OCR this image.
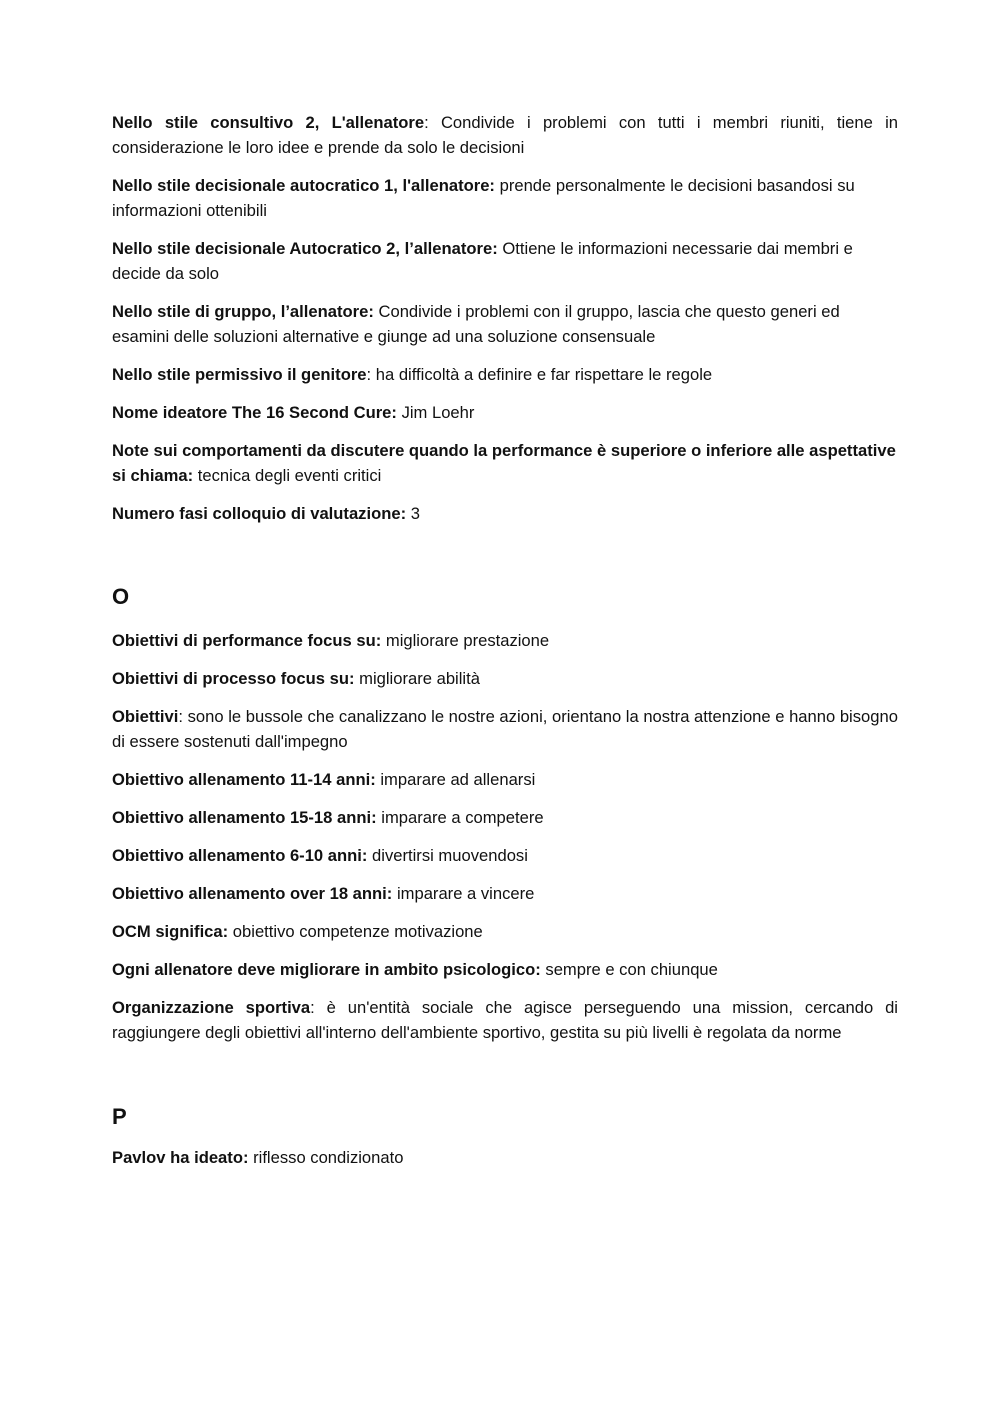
Nello stile consultivo 2, L'allenatore: Condivide i problemi con tutti i membri riuniti, tiene in considerazione le loro idee e prende da solo le decisioni

Nello stile decisionale autocratico 1, l'allenatore: prende personalmente le decisioni basandosi su informazioni ottenibili

Nello stile decisionale Autocratico 2, l’allenatore: Ottiene le informazioni necessarie dai membri e decide da solo

Nello stile di gruppo, l’allenatore: Condivide i problemi con il gruppo, lascia che questo generi ed esamini delle soluzioni alternative e giunge ad una soluzione consensuale

Nello stile permissivo il genitore: ha difficoltà a definire e far rispettare le regole

Nome ideatore The 16 Second Cure: Jim Loehr

Note sui comportamenti da discutere quando la performance è superiore o inferiore alle aspettative si chiama: tecnica degli eventi critici

Numero fasi colloquio di valutazione: 3

O

Obiettivi di performance focus su: migliorare prestazione

Obiettivi di processo focus su: migliorare abilità

Obiettivi: sono le bussole che canalizzano le nostre azioni, orientano la nostra attenzione e hanno bisogno di essere sostenuti dall'impegno

Obiettivo allenamento 11-14 anni: imparare ad allenarsi

Obiettivo allenamento 15-18 anni: imparare a competere

Obiettivo allenamento 6-10 anni: divertirsi muovendosi

Obiettivo allenamento over 18 anni: imparare a vincere

OCM significa: obiettivo competenze motivazione

Ogni allenatore deve migliorare in ambito psicologico: sempre e con chiunque

Organizzazione sportiva: è un'entità sociale che agisce perseguendo una mission, cercando di raggiungere degli obiettivi all'interno dell'ambiente sportivo, gestita su più livelli è regolata da norme

P

Pavlov ha ideato: riflesso condizionato
